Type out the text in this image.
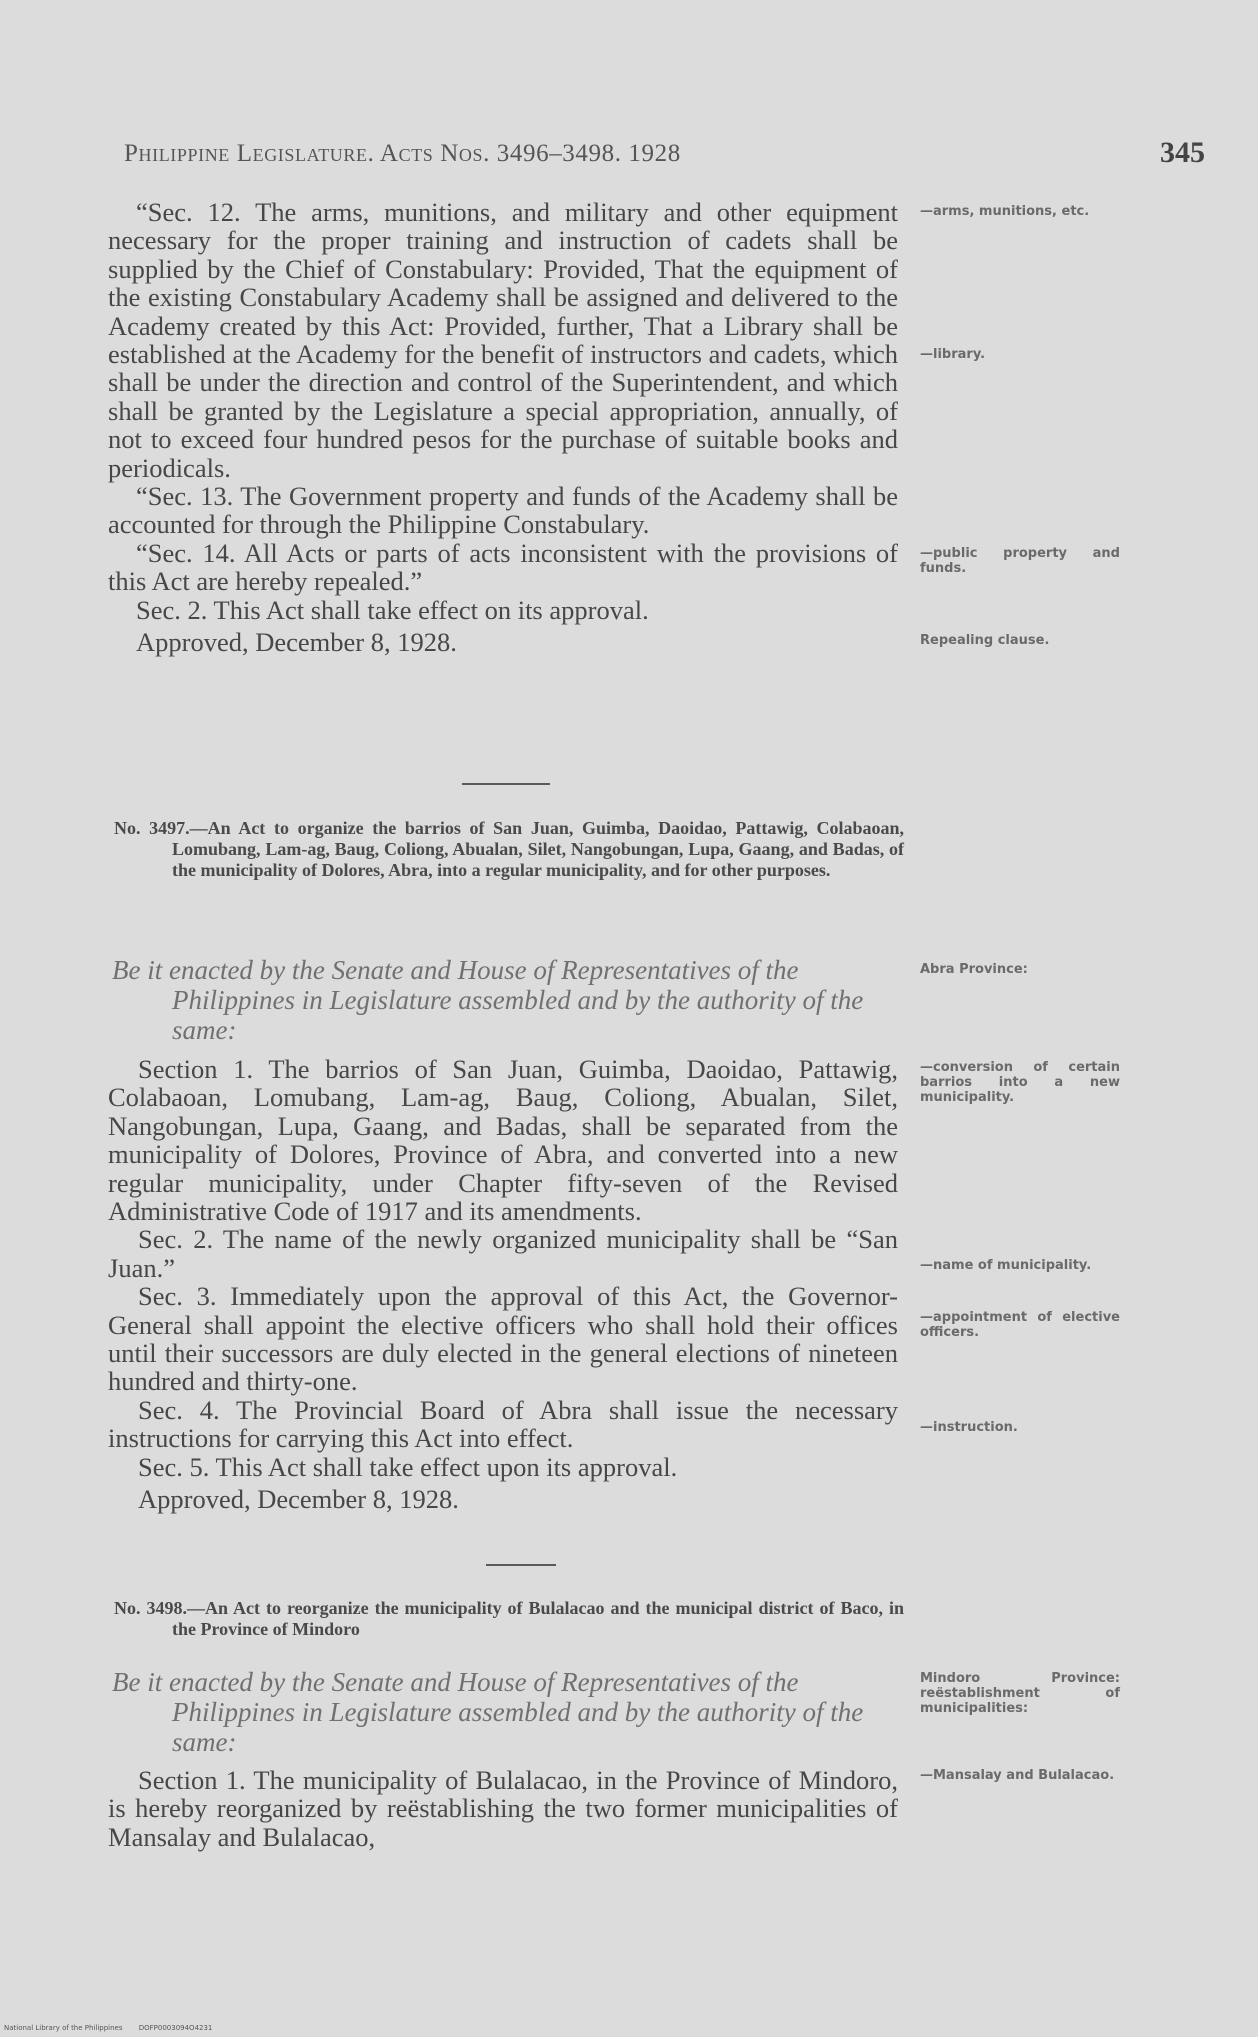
Philippine Legislature. Acts Nos. 3496–3498. 1928	345

“Sec. 12. The arms, munitions, and military and other equipment necessary for the proper training and instruction of cadets shall be supplied by the Chief of Constabulary: Provided, That the equipment of the existing Constabulary Academy shall be assigned and delivered to the Academy created by this Act: Provided, further, That a Library shall be established at the Academy for the benefit of instructors and cadets, which shall be under the direction and control of the Superintendent, and which shall be granted by the Legislature a special appropriation, annually, of not to exceed four hundred pesos for the purchase of suitable books and periodicals.

“Sec. 13. The Government property and funds of the Academy shall be accounted for through the Philippine Constabulary.

“Sec. 14. All Acts or parts of acts inconsistent with the provisions of this Act are hereby repealed.”

Sec. 2. This Act shall take effect on its approval.

Approved, December 8, 1928.

—arms, munitions, etc.
—library.
—public property and funds.
Repealing clause.

No. 3497.—An Act to organize the barrios of San Juan, Guimba, Daoidao, Pattawig, Colabaoan, Lomubang, Lam-ag, Baug, Coliong, Abualan, Silet, Nangobungan, Lupa, Gaang, and Badas, of the municipality of Dolores, Abra, into a regular municipality, and for other purposes.

Be it enacted by the Senate and House of Representatives of the Philippines in Legislature assembled and by the authority of the same:

Abra Province:

Section 1. The barrios of San Juan, Guimba, Daoidao, Pattawig, Colabaoan, Lomubang, Lam-ag, Baug, Coliong, Abualan, Silet, Nangobungan, Lupa, Gaang, and Badas, shall be separated from the municipality of Dolores, Province of Abra, and converted into a new regular municipality, under Chapter fifty-seven of the Revised Administrative Code of 1917 and its amendments.

Sec. 2. The name of the newly organized municipality shall be “San Juan.”

Sec. 3. Immediately upon the approval of this Act, the Governor-General shall appoint the elective officers who shall hold their offices until their successors are duly elected in the general elections of nineteen hundred and thirty-one.

Sec. 4. The Provincial Board of Abra shall issue the necessary instructions for carrying this Act into effect.

Sec. 5. This Act shall take effect upon its approval.

Approved, December 8, 1928.

—conversion of certain barrios into a new municipality.
—name of municipality.
—appointment of elective officers.
—instruction.

No. 3498.—An Act to reorganize the municipality of Bulalacao and the municipal district of Baco, in the Province of Mindoro

Be it enacted by the Senate and House of Representatives of the Philippines in Legislature assembled and by the authority of the same:

Mindoro Province: reëstablishment of municipalities:

Section 1. The municipality of Bulalacao, in the Province of Mindoro, is hereby reorganized by reëstablishing the two former municipalities of Mansalay and Bulalacao,

—Mansalay and Bulalacao.
National Library of the Philippines DOFP0003094O4231
